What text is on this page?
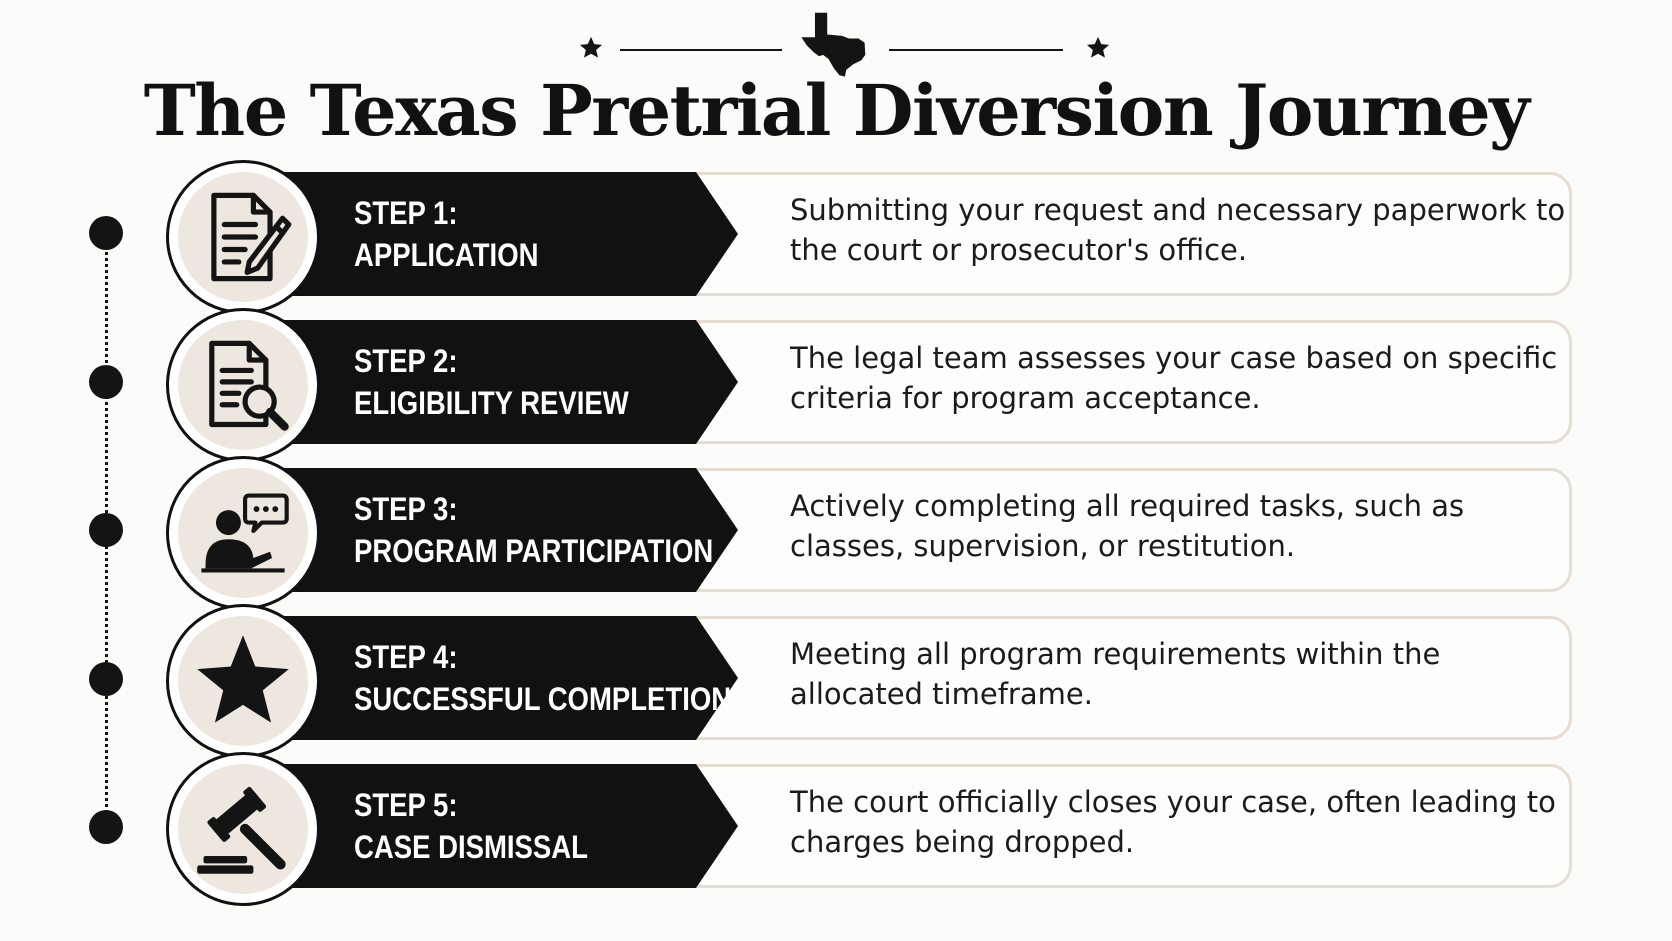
The Texas Pretrial Diversion Journey
Submitting your request and necessary paperwork to the court or prosecutor's office.
STEP 1:
APPLICATION
The legal team assesses your case based on specific criteria for program acceptance.
STEP 2:
ELIGIBILITY REVIEW
Actively completing all required tasks, such as classes, supervision, or restitution.
STEP 3:
PROGRAM PARTICIPATION
Meeting all program requirements within the allocated timeframe.
STEP 4:
SUCCESSFUL COMPLETION
The court officially closes your case, often leading to charges being dropped.
STEP 5:
CASE DISMISSAL
